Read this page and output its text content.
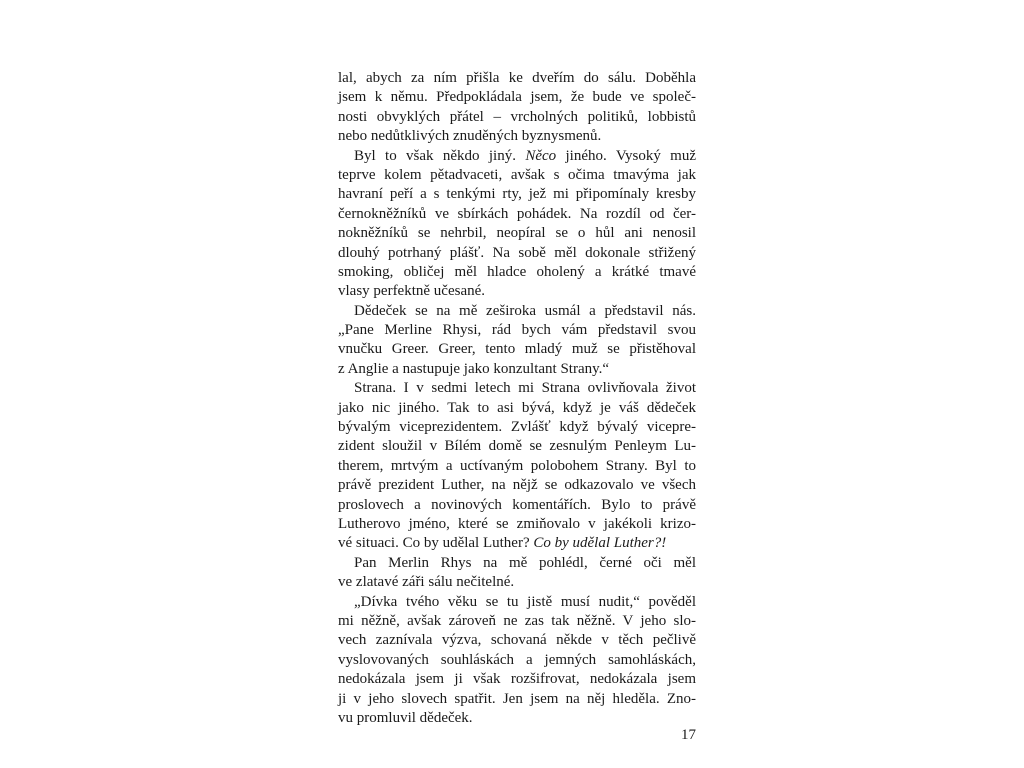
lal, abych za ním přišla ke dveřím do sálu. Doběhla
jsem k němu. Předpokládala jsem, že bude ve společ-
nosti obvyklých přátel – vrcholných politiků, lobbistů
nebo nedůtklivých znuděných byznysmenů.
Byl to však někdo jiný. Něco jiného. Vysoký muž
teprve kolem pětadvaceti, avšak s očima tmavýma jak
havraní peří a s tenkými rty, jež mi připomínaly kresby
černokněžníků ve sbírkách pohádek. Na rozdíl od čer-
nokněžníků se nehrbil, neopíral se o hůl ani nenosil
dlouhý potrhaný plášť. Na sobě měl dokonale střižený
smoking, obličej měl hladce oholený a krátké tmavé
vlasy perfektně učesané.
Dědeček se na mě zeširoka usmál a představil nás.
„Pane Merline Rhysi, rád bych vám představil svou
vnučku Greer. Greer, tento mladý muž se přistěhoval
z Anglie a nastupuje jako konzultant Strany.“
Strana. I v sedmi letech mi Strana ovlivňovala život
jako nic jiného. Tak to asi bývá, když je váš dědeček
bývalým viceprezidentem. Zvlášť když bývalý vicepre-
zident sloužil v Bílém domě se zesnulým Penleym Lu-
therem, mrtvým a uctívaným polobohem Strany. Byl to
právě prezident Luther, na nějž se odkazovalo ve všech
proslovech a novinových komentářích. Bylo to právě
Lutherovo jméno, které se zmiňovalo v jakékoli krizo-
vé situaci. Co by udělal Luther? Co by udělal Luther?!
Pan Merlin Rhys na mě pohlédl, černé oči měl
ve zlatavé záři sálu nečitelné.
„Dívka tvého věku se tu jistě musí nudit,“ pověděl
mi něžně, avšak zároveň ne zas tak něžně. V jeho slo-
vech zaznívala výzva, schovaná někde v těch pečlivě
vyslovovaných souhláskách a jemných samohláskách,
nedokázala jsem ji však rozšifrovat, nedokázala jsem
ji v jeho slovech spatřit. Jen jsem na něj hleděla. Zno-
vu promluvil dědeček.
17
